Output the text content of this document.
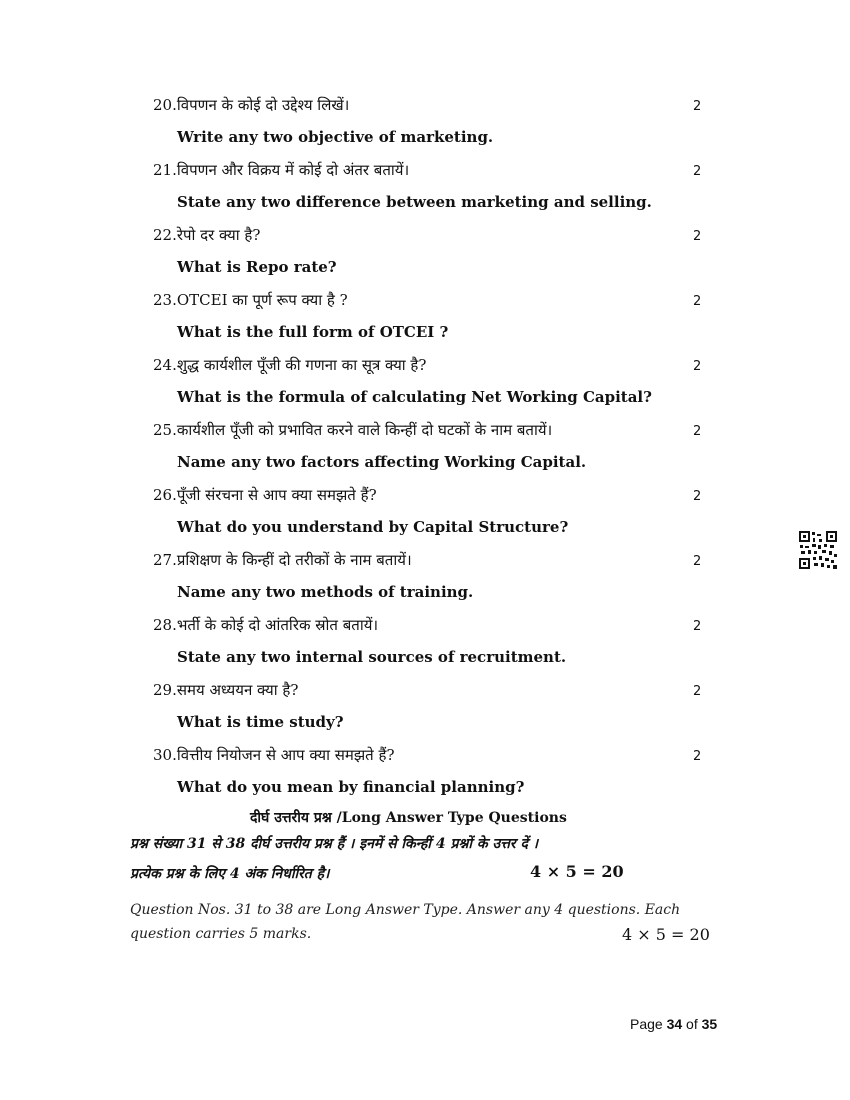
20.विपणन के कोई दो उद्देश्य लिखें।	2
Write any two objective of marketing.
21.विपणन और विक्रय में कोई दो अंतर बतायें।	2
State any two difference between marketing and selling.
22.रेपो दर क्या है?	2
What is Repo rate?
23.OTCEI का पूर्ण रूप क्या है ?	2
What is the full form of OTCEI ?
24.शुद्ध कार्यशील पूँजी की गणना का सूत्र क्या है?	2
What is the formula of calculating Net Working Capital?
25.कार्यशील पूँजी को प्रभावित करने वाले किन्हीं दो घटकों के नाम बतायें।	2
Name any two factors affecting Working Capital.
26.पूँजी संरचना से आप क्या समझते हैं?	2
What do you understand by Capital Structure?
27.प्रशिक्षण के किन्हीं दो तरीकों के नाम बतायें।	2
Name any two methods of training.
28.भर्ती के कोई दो आंतरिक स्रोत बतायें।	2
State any two internal sources of recruitment.
29.समय अध्ययन क्या है?	2
What is time study?
30.वित्तीय नियोजन से आप क्या समझते हैं?	2
What do you mean by financial planning?
दीर्घ उत्तरीय प्रश्न /Long Answer Type Questions
प्रश्न संख्या 31 से 38 दीर्घ उत्तरीय प्रश्न हैं । इनमें से किन्हीं 4 प्रश्नों के उत्तर दें ।
प्रत्येक प्रश्न के लिए 4 अंक निर्धारित है।	4 × 5 = 20
Question Nos. 31 to 38 are Long Answer Type. Answer any 4 questions. Each
question carries 5 marks.	4 × 5 = 20
Page 34 of 35
